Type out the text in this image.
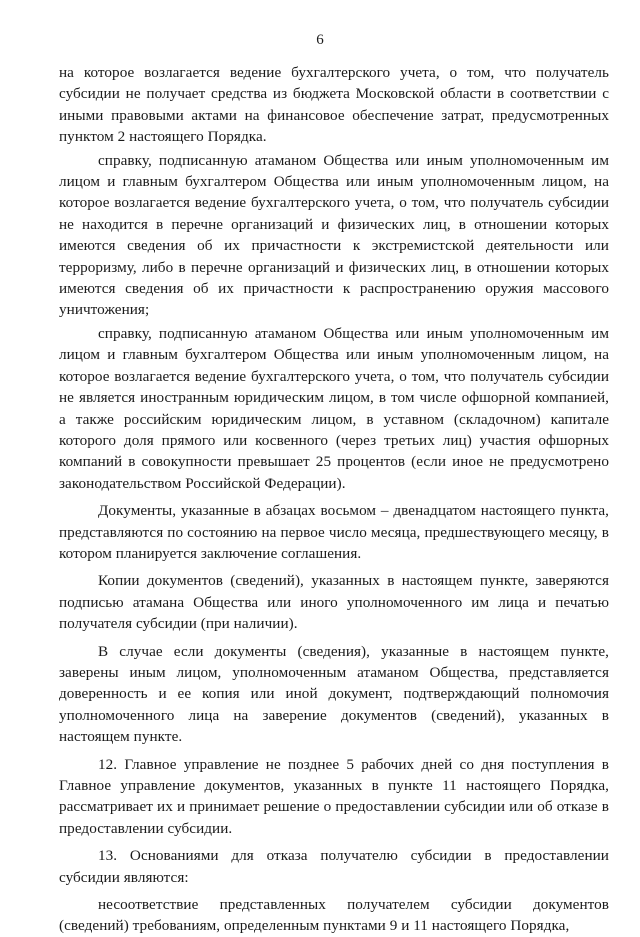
6

на которое возлагается ведение бухгалтерского учета, о том, что получатель субсидии не получает средства из бюджета Московской области в соответствии с иными правовыми актами на финансовое обеспечение затрат, предусмотренных пунктом 2 настоящего Порядка.

справку, подписанную атаманом Общества или иным уполномоченным им лицом и главным бухгалтером Общества или иным уполномоченным лицом, на которое возлагается ведение бухгалтерского учета, о том, что получатель субсидии не находится в перечне организаций и физических лиц, в отношении которых имеются сведения об их причастности к экстремистской деятельности или терроризму, либо в перечне организаций и физических лиц, в отношении которых имеются сведения об их причастности к распространению оружия массового уничтожения;

справку, подписанную атаманом Общества или иным уполномоченным им лицом и главным бухгалтером Общества или иным уполномоченным лицом, на которое возлагается ведение бухгалтерского учета, о том, что получатель субсидии не является иностранным юридическим лицом, в том числе офшорной компанией, а также российским юридическим лицом, в уставном (складочном) капитале которого доля прямого или косвенного (через третьих лиц) участия офшорных компаний в совокупности превышает 25 процентов (если иное не предусмотрено законодательством Российской Федерации).

Документы, указанные в абзацах восьмом – двенадцатом настоящего пункта, представляются по состоянию на первое число месяца, предшествующего месяцу, в котором планируется заключение соглашения.

Копии документов (сведений), указанных в настоящем пункте, заверяются подписью атамана Общества или иного уполномоченного им лица и печатью получателя субсидии (при наличии).

В случае если документы (сведения), указанные в настоящем пункте, заверены иным лицом, уполномоченным атаманом Общества, представляется доверенность и ее копия или иной документ, подтверждающий полномочия уполномоченного лица на заверение документов (сведений), указанных в настоящем пункте.

12. Главное управление не позднее 5 рабочих дней со дня поступления в Главное управление документов, указанных в пункте 11 настоящего Порядка, рассматривает их и принимает решение о предоставлении субсидии или об отказе в предоставлении субсидии.

13. Основаниями для отказа получателю субсидии в предоставлении субсидии являются:

несоответствие представленных получателем субсидии документов (сведений) требованиям, определенным пунктами 9 и 11 настоящего Порядка,
